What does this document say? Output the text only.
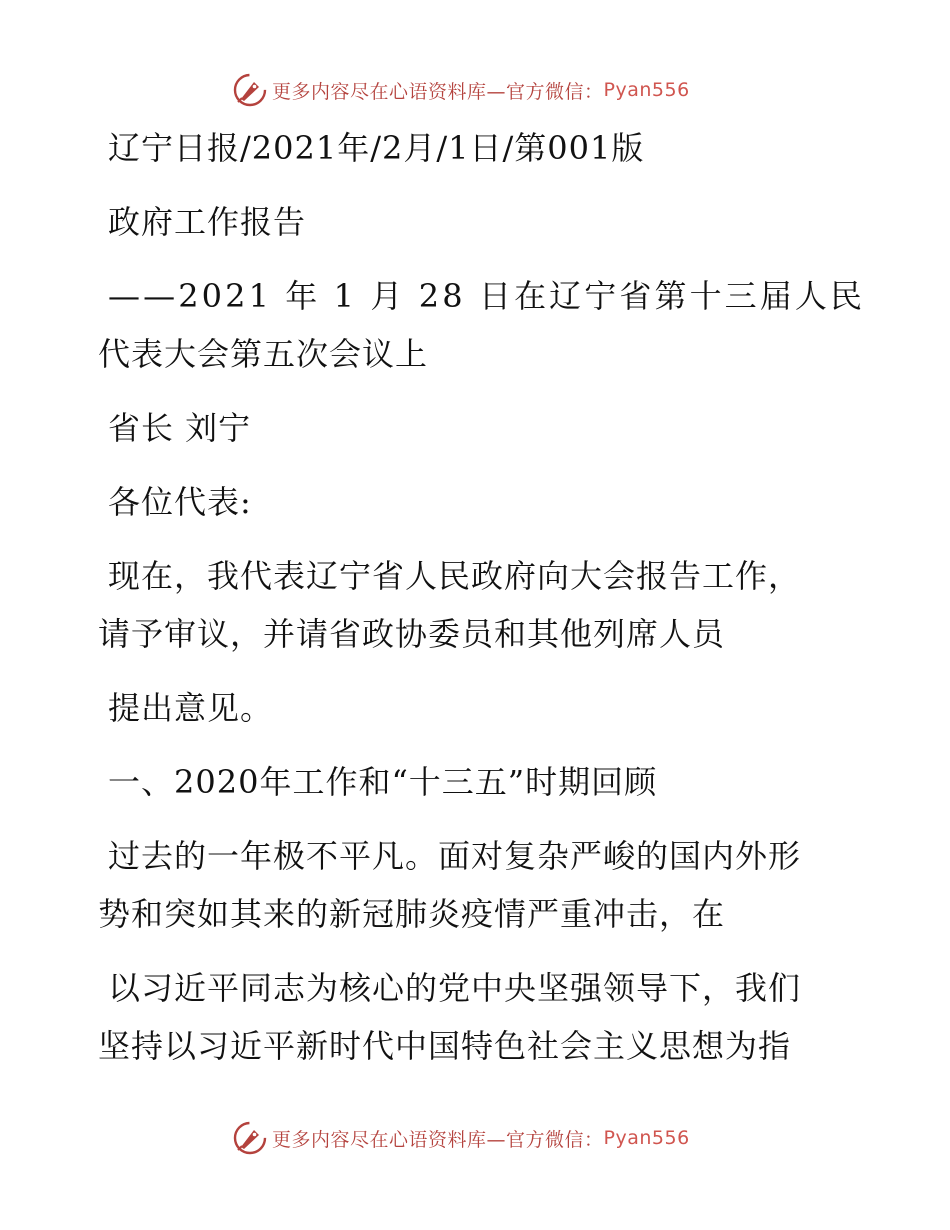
更多内容尽在心语资料库—官方微信： Pyan556
辽宁日报/2021年/2月/1日/第001版
政府工作报告
——2021 年 1 月 28 日在辽宁省第十三届人民
代表大会第五次会议上
省长 刘宁
各位代表:
现在，我代表辽宁省人民政府向大会报告工作，
请予审议，并请省政协委员和其他列席人员
提出意见。
一、2020年工作和“十三五”时期回顾
过去的一年极不平凡。面对复杂严峻的国内外形
势和突如其来的新冠肺炎疫情严重冲击，在
以习近平同志为核心的党中央坚强领导下，我们
坚持以习近平新时代中国特色社会主义思想为指
更多内容尽在心语资料库—官方微信： Pyan556
